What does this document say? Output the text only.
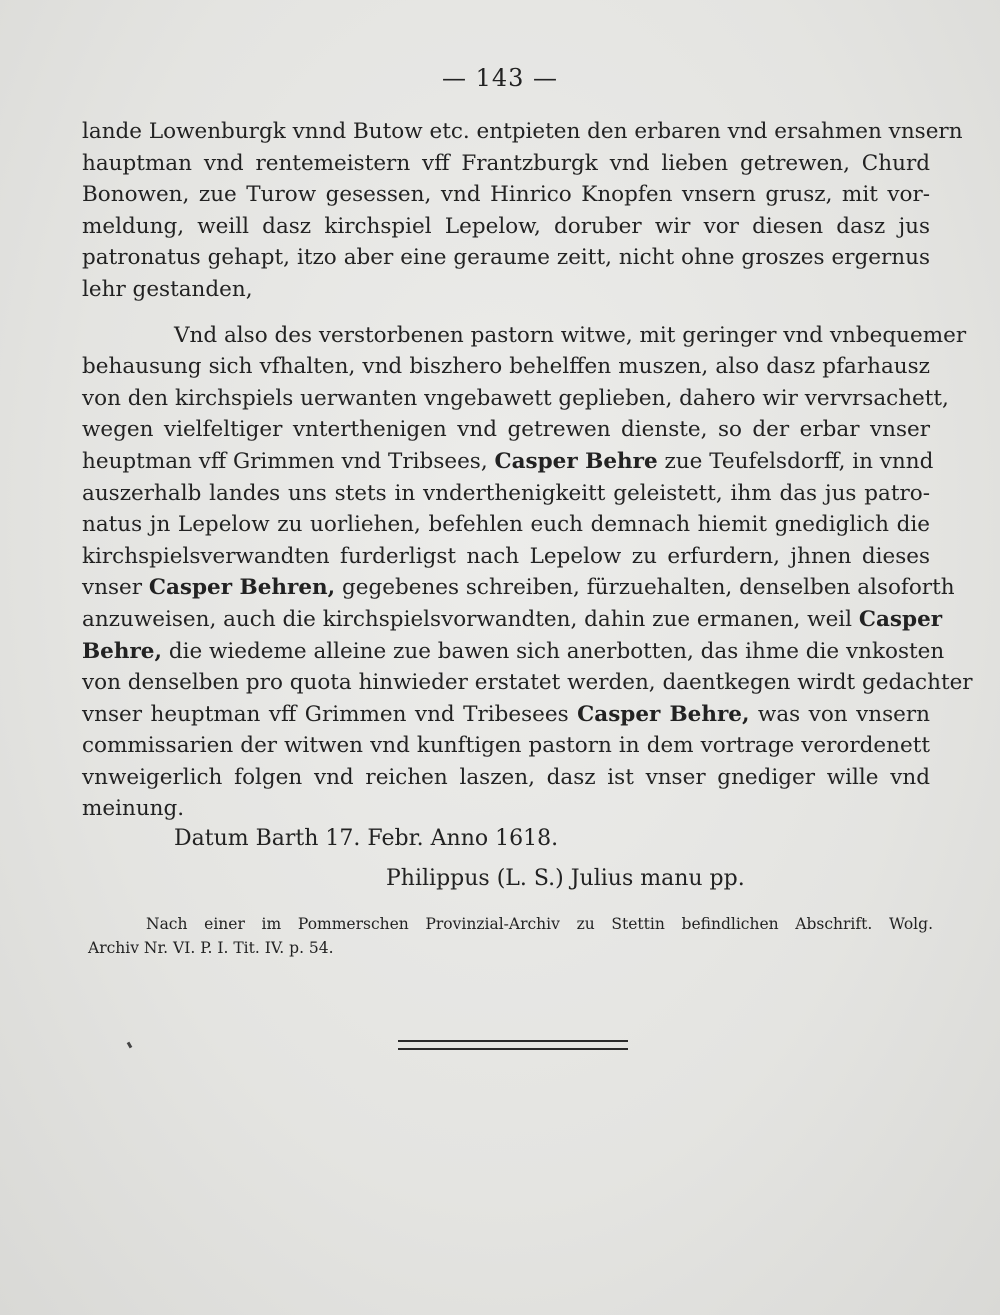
— 143 —
lande Lowenburgk vnnd Butow etc. entpieten den erbaren vnd ersahmen vnsern
hauptman vnd rentemeistern vff Frantzburgk vnd lieben getrewen, Churd
Bonowen, zue Turow gesessen, vnd Hinrico Knopfen vnsern grusz, mit vor-
meldung, weill dasz kirchspiel Lepelow, doruber wir vor diesen dasz jus
patronatus gehapt, itzo aber eine geraume zeitt, nicht ohne groszes ergernus
lehr gestanden,
Vnd also des verstorbenen pastorn witwe, mit geringer vnd vnbequemer
behausung sich vfhalten, vnd biszhero behelffen muszen, also dasz pfarhausz
von den kirchspiels uerwanten vngebawett geplieben, dahero wir vervrsachett,
wegen vielfeltiger vnterthenigen vnd getrewen dienste, so der erbar vnser
heuptman vff Grimmen vnd Tribsees, Casper Behre zue Teufelsdorff, in vnnd
auszerhalb landes uns stets in vnderthenigkeitt geleistett, ihm das jus patro-
natus jn Lepelow zu uorliehen, befehlen euch demnach hiemit gnediglich die
kirchspielsverwandten furderligst nach Lepelow zu erfurdern, jhnen dieses
vnser Casper Behren, gegebenes schreiben, fürzuehalten, denselben alsoforth
anzuweisen, auch die kirchspielsvorwandten, dahin zue ermanen, weil Casper
Behre, die wiedeme alleine zue bawen sich anerbotten, das ihme die vnkosten
von denselben pro quota hinwieder erstatet werden, daentkegen wirdt gedachter
vnser heuptman vff Grimmen vnd Tribesees Casper Behre, was von vnsern
commissarien der witwen vnd kunftigen pastorn in dem vortrage verordenett
vnweigerlich folgen vnd reichen laszen, dasz ist vnser gnediger wille vnd
meinung.
Datum Barth 17. Febr. Anno 1618.
Philippus (L. S.) Julius manu pp.
Nach einer im Pommerschen Provinzial-Archiv zu Stettin befindlichen Abschrift. Wolg.
Archiv Nr. VI. P. I. Tit. IV. p. 54.
